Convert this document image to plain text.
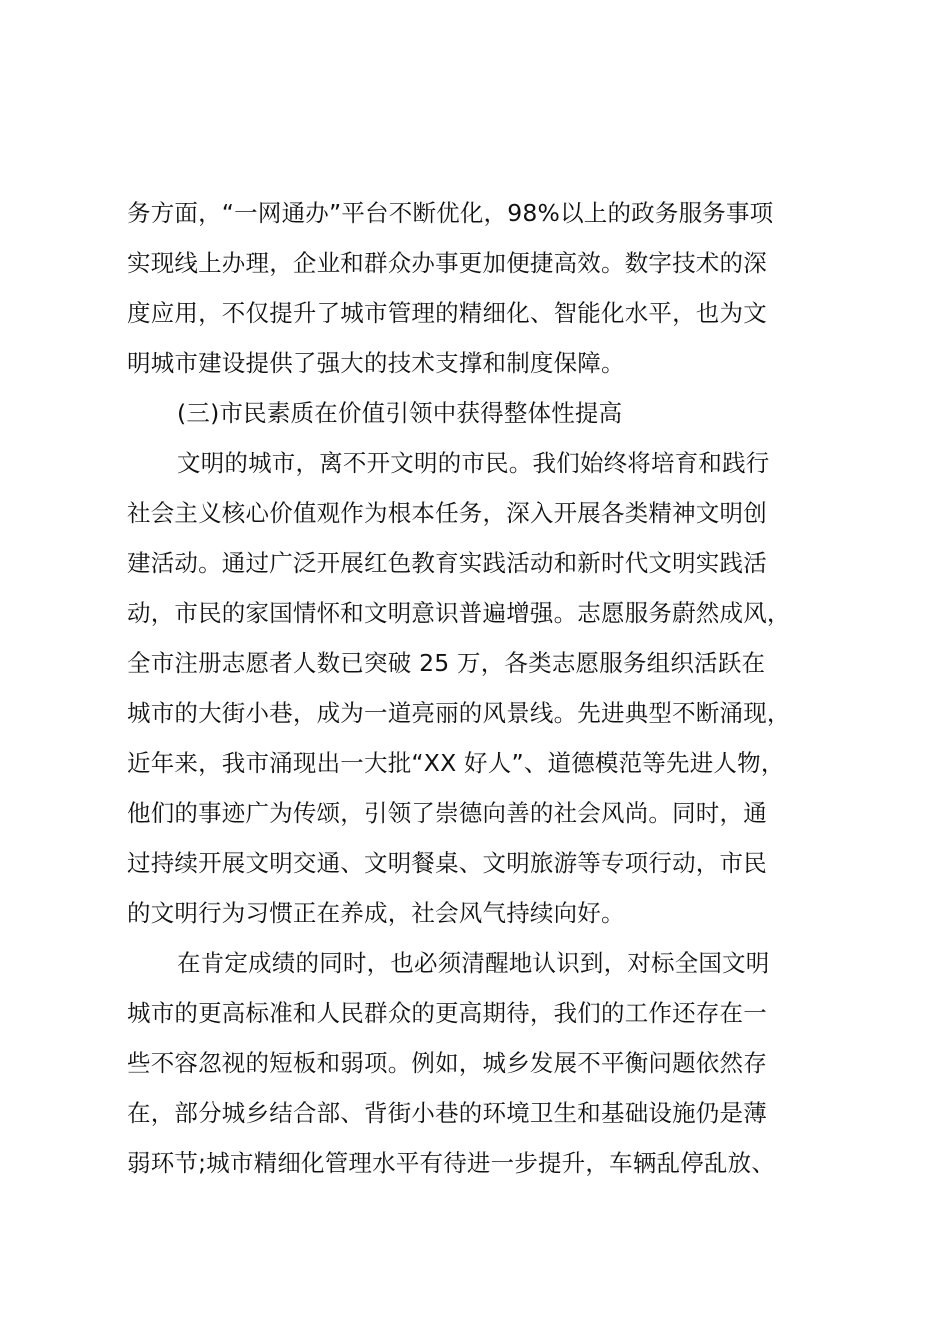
务方面，“一网通办”平台不断优化，98%以上的政务服务事项
实现线上办理，企业和群众办事更加便捷高效。数字技术的深
度应用，不仅提升了城市管理的精细化、智能化水平，也为文
明城市建设提供了强大的技术支撑和制度保障。
(三)市民素质在价值引领中获得整体性提高
文明的城市，离不开文明的市民。我们始终将培育和践行
社会主义核心价值观作为根本任务，深入开展各类精神文明创
建活动。通过广泛开展红色教育实践活动和新时代文明实践活
动，市民的家国情怀和文明意识普遍增强。志愿服务蔚然成风，
全市注册志愿者人数已突破 25 万，各类志愿服务组织活跃在
城市的大街小巷，成为一道亮丽的风景线。先进典型不断涌现，
近年来，我市涌现出一大批“XX 好人”、道德模范等先进人物，
他们的事迹广为传颂，引领了崇德向善的社会风尚。同时，通
过持续开展文明交通、文明餐桌、文明旅游等专项行动，市民
的文明行为习惯正在养成，社会风气持续向好。
在肯定成绩的同时，也必须清醒地认识到，对标全国文明
城市的更高标准和人民群众的更高期待，我们的工作还存在一
些不容忽视的短板和弱项。例如，城乡发展不平衡问题依然存
在，部分城乡结合部、背街小巷的环境卫生和基础设施仍是薄
弱环节;城市精细化管理水平有待进一步提升，车辆乱停乱放、
